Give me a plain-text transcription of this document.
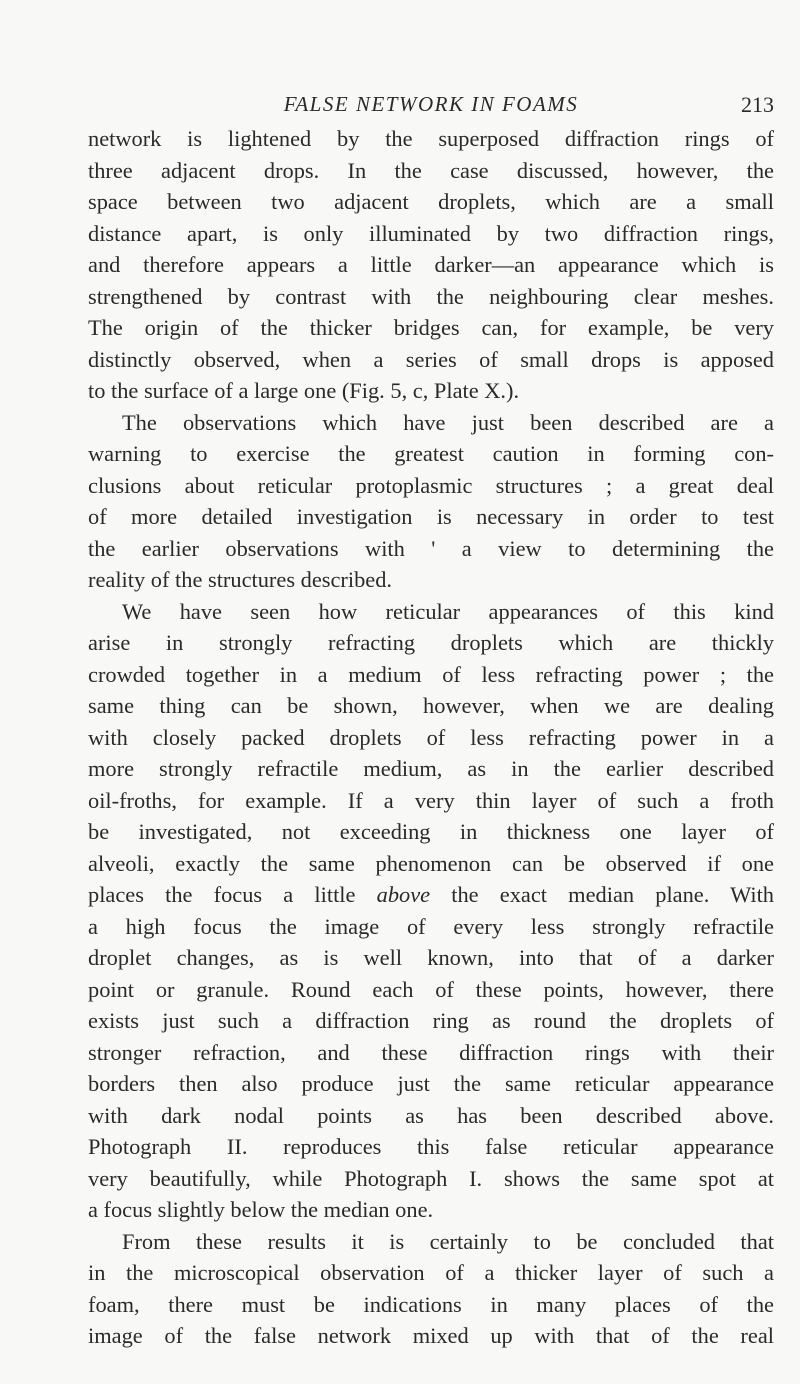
FALSE NETWORK IN FOAMS	213
network is lightened by the superposed diffraction rings of
three adjacent drops. In the case discussed, however, the
space between two adjacent droplets, which are a small
distance apart, is only illuminated by two diffraction rings,
and therefore appears a little darker—an appearance which is
strengthened by contrast with the neighbouring clear meshes.
The origin of the thicker bridges can, for example, be very
distinctly observed, when a series of small drops is apposed
to the surface of a large one (Fig. 5, c, Plate X.).
The observations which have just been described are a
warning to exercise the greatest caution in forming con-
clusions about reticular protoplasmic structures ; a great deal
of more detailed investigation is necessary in order to test
the earlier observations with ' a view to determining the
reality of the structures described.
We have seen how reticular appearances of this kind
arise in strongly refracting droplets which are thickly
crowded together in a medium of less refracting power ; the
same thing can be shown, however, when we are dealing
with closely packed droplets of less refracting power in a
more strongly refractile medium, as in the earlier described
oil-froths, for example. If a very thin layer of such a froth
be investigated, not exceeding in thickness one layer of
alveoli, exactly the same phenomenon can be observed if one
places the focus a little above the exact median plane. With
a high focus the image of every less strongly refractile
droplet changes, as is well known, into that of a darker
point or granule. Round each of these points, however, there
exists just such a diffraction ring as round the droplets of
stronger refraction, and these diffraction rings with their
borders then also produce just the same reticular appearance
with dark nodal points as has been described above.
Photograph II. reproduces this false reticular appearance
very beautifully, while Photograph I. shows the same spot at
a focus slightly below the median one.
From these results it is certainly to be concluded that
in the microscopical observation of a thicker layer of such a
foam, there must be indications in many places of the
image of the false network mixed up with that of the real
